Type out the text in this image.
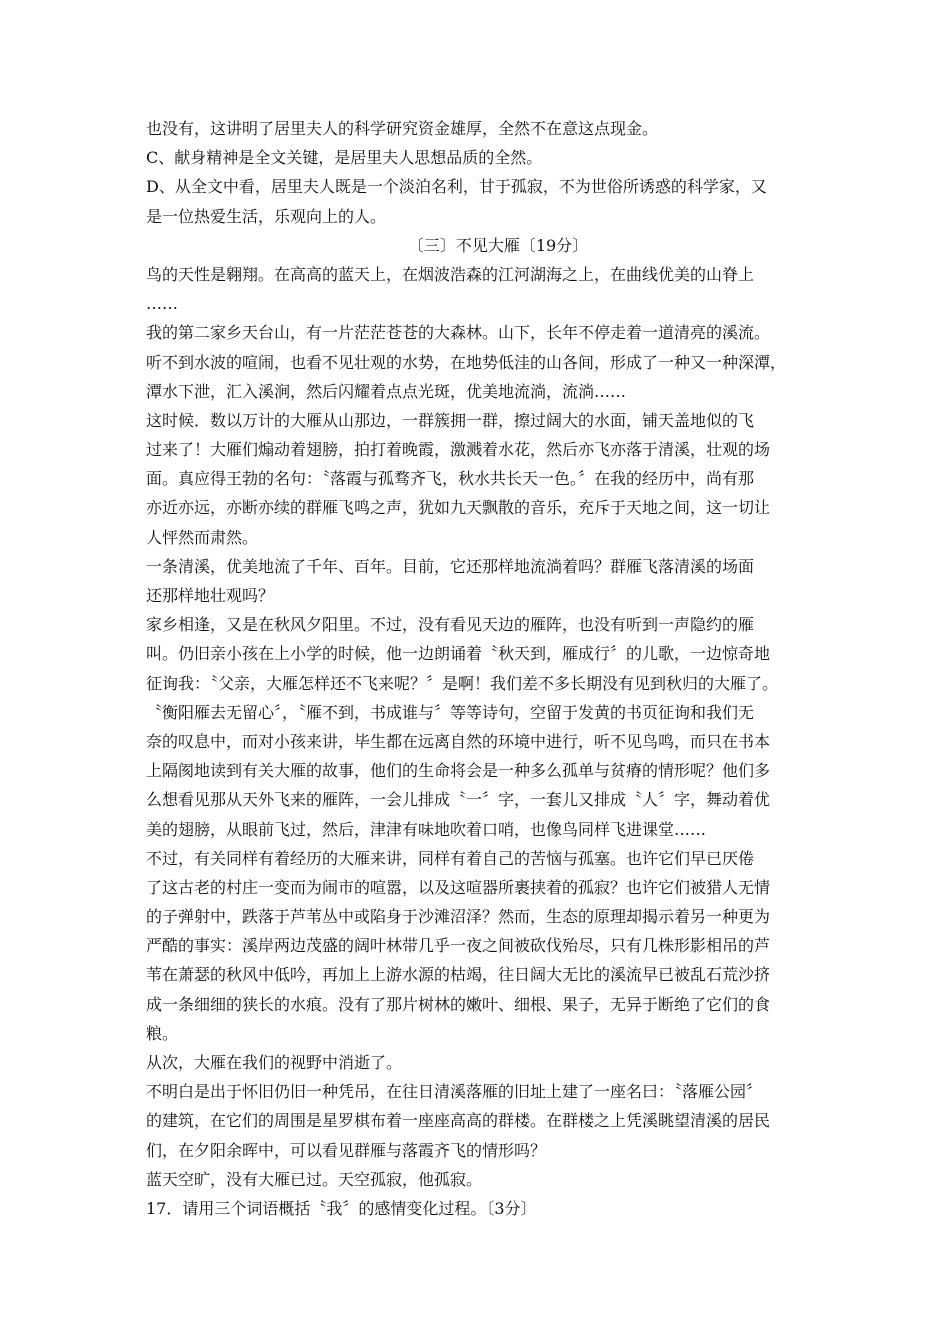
也没有，这讲明了居里夫人的科学研究资金雄厚，全然不在意这点现金。
C、献身精神是全文关键，是居里夫人思想品质的全然。
D、从全文中看，居里夫人既是一个淡泊名利，甘于孤寂，不为世俗所诱惑的科学家，又
是一位热爱生活，乐观向上的人。
〔三〕不见大雁〔19分〕
鸟的天性是翱翔。在高高的蓝天上，在烟波浩森的江河湖海之上，在曲线优美的山脊上
……
我的第二家乡天台山，有一片茫茫苍苍的大森林。山下，长年不停走着一道清亮的溪流。
听不到水波的喧闹，也看不见壮观的水势，在地势低洼的山各间，形成了一种又一种深潭，
潭水下泄，汇入溪涧，然后闪耀着点点光斑，优美地流淌，流淌……
这时候．数以万计的大雁从山那边，一群簇拥一群，擦过阔大的水面，铺天盖地似的飞
过来了！大雁们煽动着翅膀，拍打着晚霞，激溅着水花，然后亦飞亦落于清溪，壮观的场
面。真应得王勃的名句：〝落霞与孤骛齐飞，秋水共长天一色。〞在我的经历中，尚有那
亦近亦远，亦断亦续的群雁飞鸣之声，犹如九天飘散的音乐，充斥于天地之间，这一切让
人怦然而肃然。
一条清溪，优美地流了千年、百年。目前，它还那样地流淌着吗？群雁飞落清溪的场面
还那样地壮观吗？
家乡相逢，又是在秋风夕阳里。不过，没有看见天边的雁阵，也没有听到一声隐约的雁
叫。仍旧亲小孩在上小学的时候，他一边朗诵着〝秋天到，雁成行〞的儿歌，一边惊奇地
征询我：〝父亲，大雁怎样还不飞来呢？〞是啊！我们差不多长期没有见到秋归的大雁了。
〝衡阳雁去无留心〞，〝雁不到，书成谁与〞等等诗句，空留于发黄的书页征询和我们无
奈的叹息中，而对小孩来讲，毕生都在远离自然的环境中进行，听不见鸟鸣，而只在书本
上隔阂地读到有关大雁的故事，他们的生命将会是一种多么孤单与贫瘠的情形呢？他们多
么想看见那从天外飞来的雁阵，一会儿排成〝一〞字，一套儿又排成〝人〞字，舞动着优
美的翅膀，从眼前飞过，然后，津津有味地吹着口哨，也像鸟同样飞进课堂……
不过，有关同样有着经历的大雁来讲，同样有着自己的苦恼与孤塞。也许它们早已厌倦
了这古老的村庄一变而为闹市的喧嚣，以及这喧器所裹挟着的孤寂？也许它们被猎人无情
的子弹射中，跌落于芦苇丛中或陷身于沙滩沼泽？然而，生态的原理却揭示着另一种更为
严酷的事实：溪岸两边茂盛的阔叶林带几乎一夜之间被砍伐殆尽，只有几株形影相吊的芦
苇在萧瑟的秋风中低吟，再加上上游水源的枯竭，往日阔大无比的溪流早已被乱石荒沙挤
成一条细细的狭长的水痕。没有了那片树林的嫩叶、细根、果子，无异于断绝了它们的食
粮。
从次，大雁在我们的视野中消逝了。
不明白是出于怀旧仍旧一种凭吊，在往日清溪落雁的旧址上建了一座名曰：〝落雁公园〞
的建筑，在它们的周围是星罗棋布着一座座高高的群楼。在群楼之上凭溪眺望清溪的居民
们，在夕阳余晖中，可以看见群雁与落霞齐飞的情形吗？
蓝天空旷，没有大雁已过。天空孤寂，他孤寂。
17．请用三个词语概括〝我〞的感情变化过程。〔3分〕
